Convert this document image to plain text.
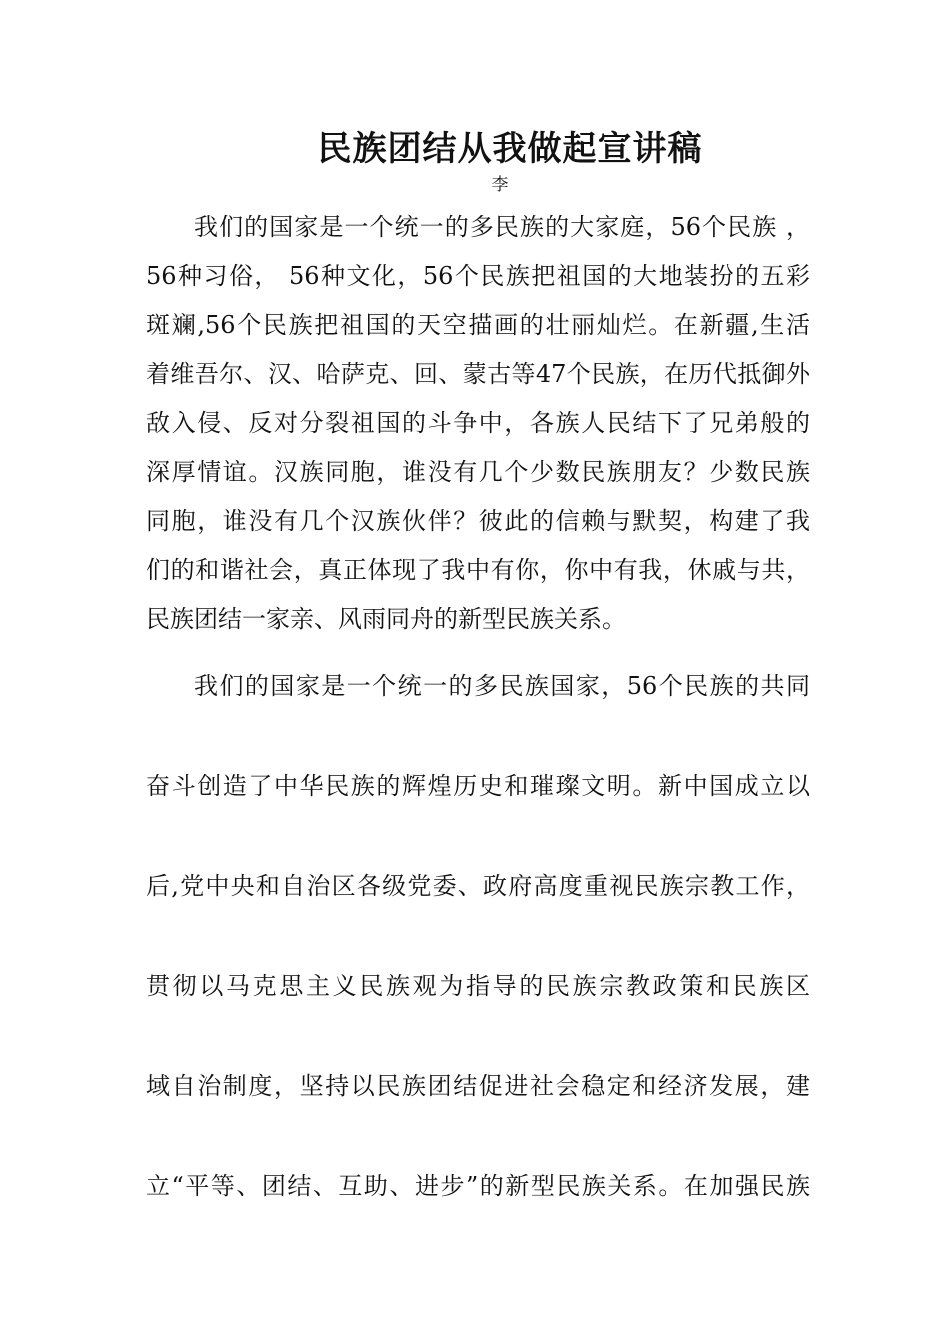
民族团结从我做起宣讲稿
李
我们的国家是一个统一的多民族的大家庭，56个民族 ，
56种习俗， 56种文化，56个民族把祖国的大地装扮的五彩
斑斓,56个民族把祖国的天空描画的壮丽灿烂。在新疆,生活
着维吾尔、汉、哈萨克、回、蒙古等47个民族，在历代抵御外
敌入侵、反对分裂祖国的斗争中，各族人民结下了兄弟般的
深厚情谊。汉族同胞，谁没有几个少数民族朋友？少数民族
同胞，谁没有几个汉族伙伴？彼此的信赖与默契，构建了我
们的和谐社会，真正体现了我中有你，你中有我，休戚与共，
民族团结一家亲、风雨同舟的新型民族关系。
我们的国家是一个统一的多民族国家，56个民族的共同
奋斗创造了中华民族的辉煌历史和璀璨文明。新中国成立以
后,党中央和自治区各级党委、政府高度重视民族宗教工作，
贯彻以马克思主义民族观为指导的民族宗教政策和民族区
域自治制度，坚持以民族团结促进社会稳定和经济发展，建
立“平等、团结、互助、进步”的新型民族关系。在加强民族
